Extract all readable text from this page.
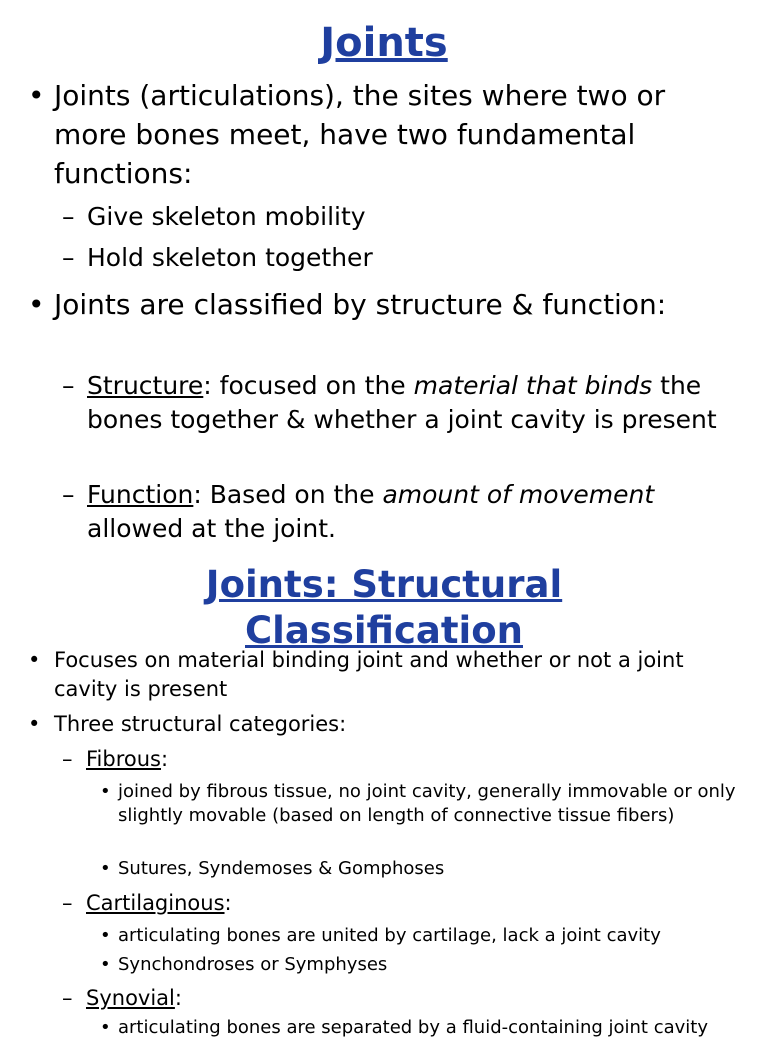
Joints
• Joints (articulations), the sites where two or more bones meet, have two fundamental functions:
– Give skeleton mobility
– Hold skeleton together
• Joints are classified by structure & function:
– Structure: focused on the material that binds the bones together & whether a joint cavity is present
– Function: Based on the amount of movement allowed at the joint.
Joints: Structural
Classification
• Focuses on material binding joint and whether or not a joint cavity is present
• Three structural categories:
– Fibrous:
• joined by fibrous tissue, no joint cavity, generally immovable or only slightly movable (based on length of connective tissue fibers)
• Sutures, Syndemoses & Gomphoses
– Cartilaginous:
• articulating bones are united by cartilage, lack a joint cavity
• Synchondroses or Symphyses
– Synovial:
• articulating bones are separated by a fluid-containing joint cavity
